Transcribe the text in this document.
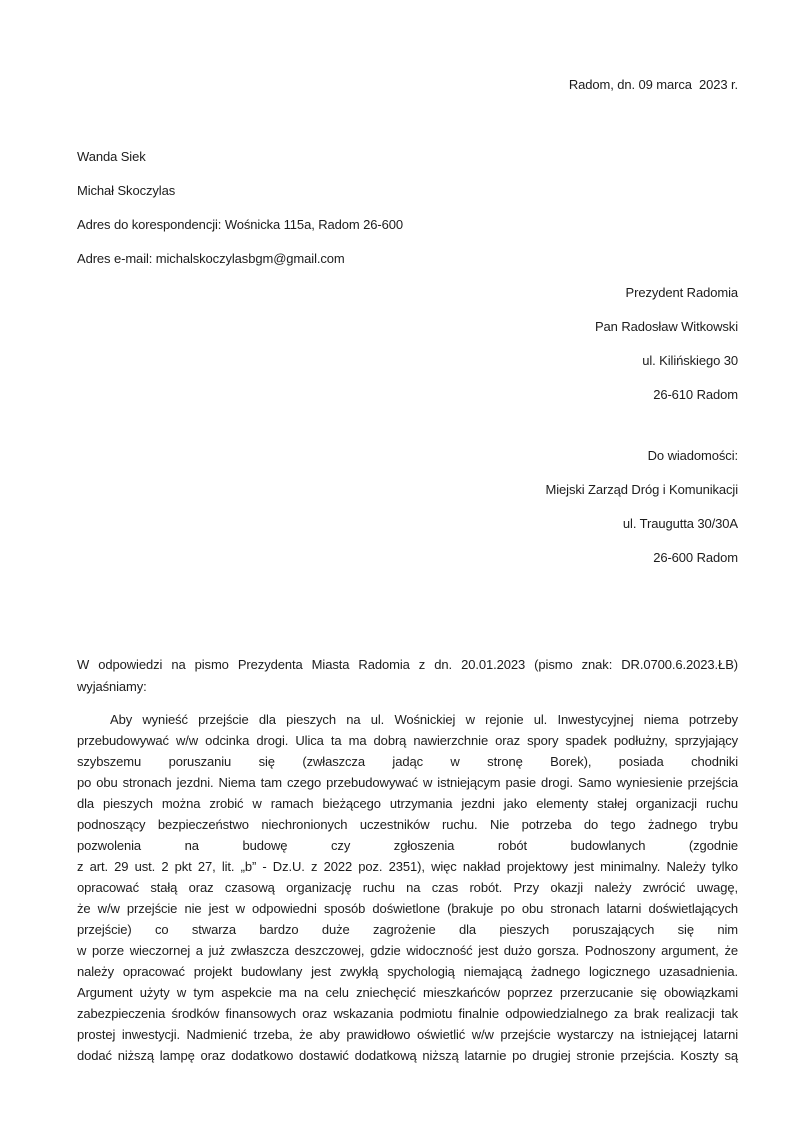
Radom, dn. 09 marca  2023 r.
Wanda Siek
Michał Skoczylas
Adres do korespondencji: Wośnicka 115a, Radom 26-600
Adres e-mail: michalskoczylasbgm@gmail.com
Prezydent Radomia
Pan Radosław Witkowski
ul. Kilińskiego 30
26-610 Radom
Do wiadomości:
Miejski Zarząd Dróg i Komunikacji
ul. Traugutta 30/30A
26-600 Radom
W odpowiedzi na pismo Prezydenta Miasta Radomia z dn. 20.01.2023 (pismo znak: DR.0700.6.2023.ŁB)
wyjaśniamy:
Aby wynieść przejście dla pieszych na ul. Wośnickiej w rejonie ul. Inwestycyjnej niema potrzeby
przebudowywać w/w odcinka drogi. Ulica ta ma dobrą nawierzchnie oraz spory spadek podłużny, sprzyjający
szybszemu poruszaniu się (zwłaszcza jadąc w stronę Borek), posiada chodniki
po obu stronach jezdni. Niema tam czego przebudowywać w istniejącym pasie drogi. Samo wyniesienie przejścia
dla pieszych można zrobić w ramach bieżącego utrzymania jezdni jako elementy stałej organizacji ruchu
podnoszący bezpieczeństwo niechronionych uczestników ruchu. Nie potrzeba do tego żadnego trybu
pozwolenia na budowę czy zgłoszenia robót budowlanych (zgodnie
z art. 29 ust. 2 pkt 27, lit. „b” - Dz.U. z 2022 poz. 2351), więc nakład projektowy jest minimalny. Należy tylko
opracować stałą oraz czasową organizację ruchu na czas robót. Przy okazji należy zwrócić uwagę,
że w/w przejście nie jest w odpowiedni sposób doświetlone (brakuje po obu stronach latarni doświetlających
przejście) co stwarza bardzo duże zagrożenie dla pieszych poruszających się nim
w porze wieczornej a już zwłaszcza deszczowej, gdzie widoczność jest dużo gorsza. Podnoszony argument, że
należy opracować projekt budowlany jest zwykłą spychologią niemającą żadnego logicznego uzasadnienia.
Argument użyty w tym aspekcie ma na celu zniechęcić mieszkańców poprzez przerzucanie się obowiązkami
zabezpieczenia środków finansowych oraz wskazania podmiotu finalnie odpowiedzialnego za brak realizacji tak
prostej inwestycji. Nadmienić trzeba, że aby prawidłowo oświetlić w/w przejście wystarczy na istniejącej latarni
dodać niższą lampę oraz dodatkowo dostawić dodatkową niższą latarnie po drugiej stronie przejścia. Koszty są
